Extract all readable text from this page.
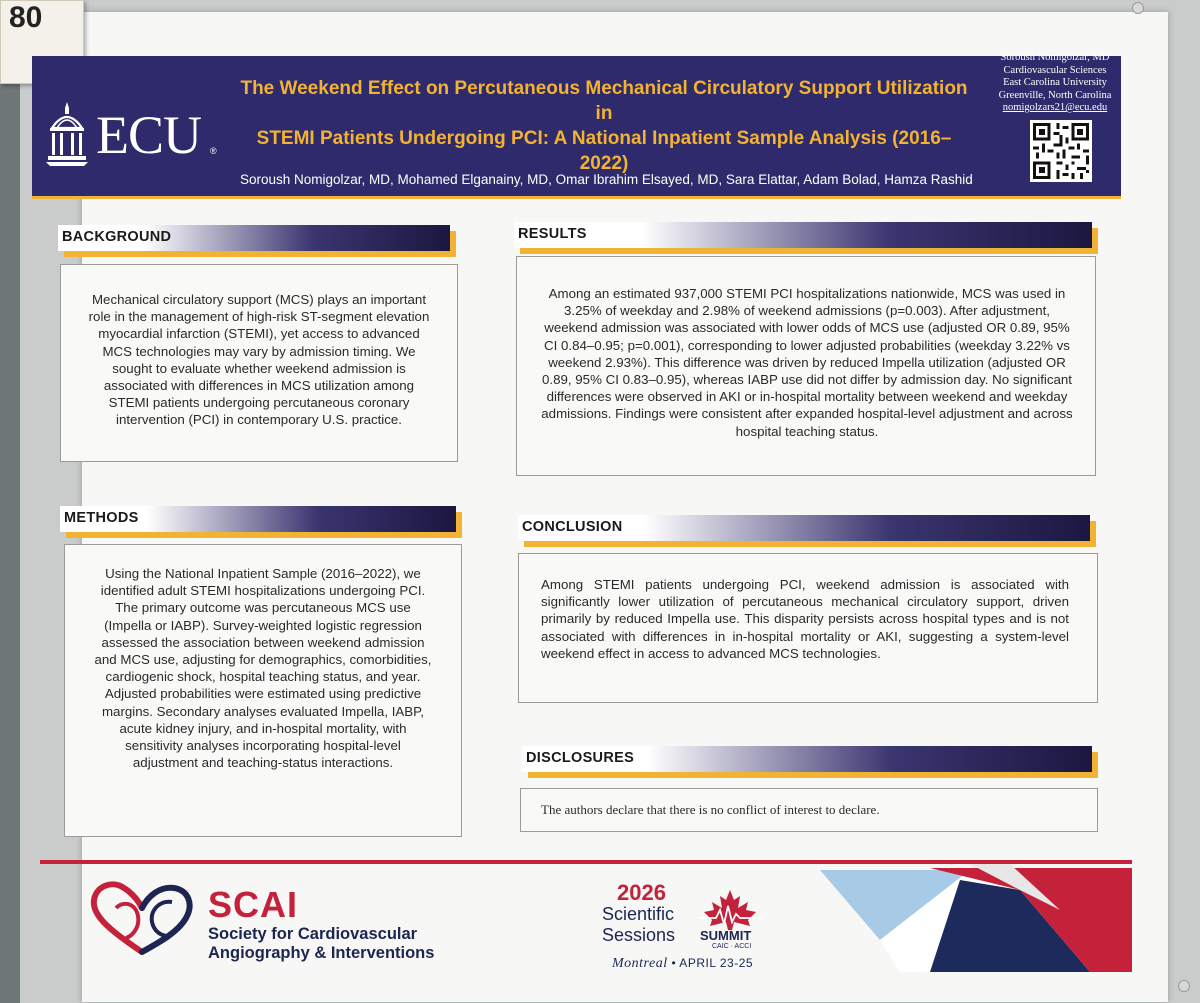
80
ECU ®
The Weekend Effect on Percutaneous Mechanical Circulatory Support Utilization in
STEMI Patients Undergoing PCI: A National Inpatient Sample Analysis (2016–2022)
Soroush Nomigolzar, MD, Mohamed Elganainy, MD, Omar Ibrahim Elsayed, MD, Sara Elattar, Adam Bolad, Hamza Rashid
Soroush Nomigolzar, MD
Cardiovascular Sciences
East Carolina University
Greenville, North Carolina
nomigolzars21@ecu.edu
BACKGROUND

Mechanical circulatory support (MCS) plays an important role in the management of high-risk ST-segment elevation myocardial infarction (STEMI), yet access to advanced MCS technologies may vary by admission timing. We sought to evaluate whether weekend admission is associated with differences in MCS utilization among STEMI patients undergoing percutaneous coronary intervention (PCI) in contemporary U.S. practice.

METHODS

Using the National Inpatient Sample (2016–2022), we identified adult STEMI hospitalizations undergoing PCI. The primary outcome was percutaneous MCS use (Impella or IABP). Survey-weighted logistic regression assessed the association between weekend admission and MCS use, adjusting for demographics, comorbidities, cardiogenic shock, hospital teaching status, and year. Adjusted probabilities were estimated using predictive margins. Secondary analyses evaluated Impella, IABP, acute kidney injury, and in-hospital mortality, with sensitivity analyses incorporating hospital-level adjustment and teaching-status interactions.

RESULTS

Among an estimated 937,000 STEMI PCI hospitalizations nationwide, MCS was used in 3.25% of weekday and 2.98% of weekend admissions (p=0.003). After adjustment, weekend admission was associated with lower odds of MCS use (adjusted OR 0.89, 95% CI 0.84–0.95; p=0.001), corresponding to lower adjusted probabilities (weekday 3.22% vs weekend 2.93%). This difference was driven by reduced Impella utilization (adjusted OR 0.89, 95% CI 0.83–0.95), whereas IABP use did not differ by admission day. No significant differences were observed in AKI or in-hospital mortality between weekend and weekday admissions. Findings were consistent after expanded hospital-level adjustment and across hospital teaching status.

CONCLUSION

Among STEMI patients undergoing PCI, weekend admission is associated with significantly lower utilization of percutaneous mechanical circulatory support, driven primarily by reduced Impella use. This disparity persists across hospital types and is not associated with differences in in-hospital mortality or AKI, suggesting a system-level weekend effect in access to advanced MCS technologies.

DISCLOSURES

The authors declare that there is no conflict of interest to declare.

SCAI
Society for Cardiovascular
Angiography & Interventions
2026
Scientific
Sessions SUMMIT
CAIC · ACCI
Montreal • APRIL 23-25
